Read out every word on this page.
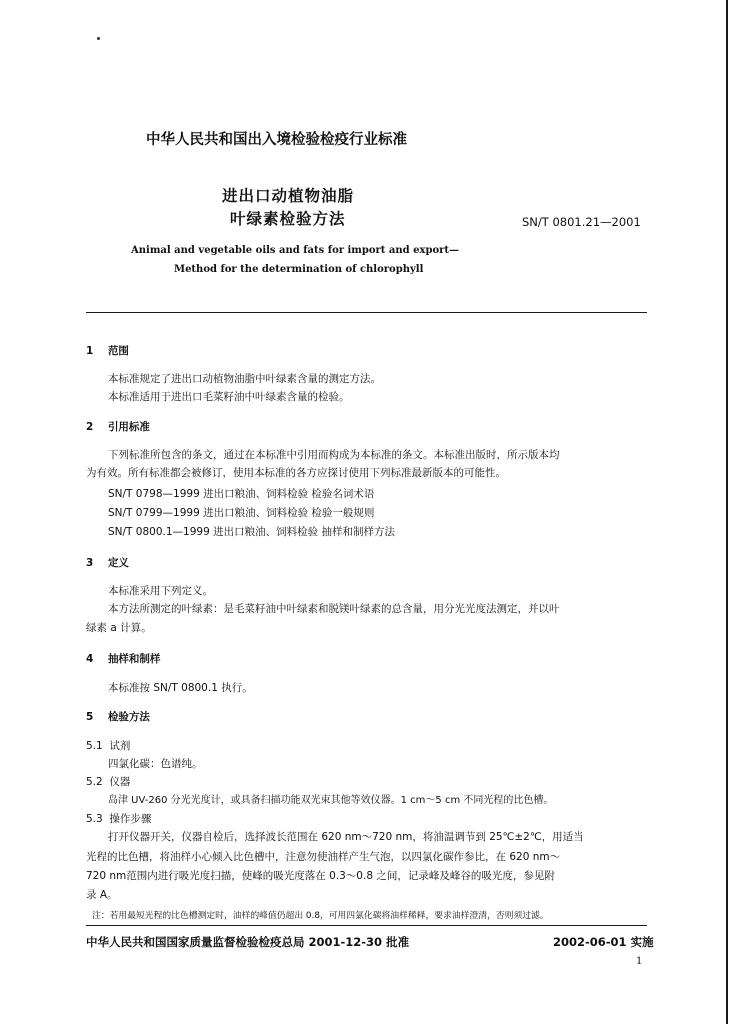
中华人民共和国出入境检验检疫行业标准
进出口动植物油脂
叶绿素检验方法	SN/T 0801.21—2001
Animal and vegetable oils and fats for import and export—
Method for the determination of chlorophyll
1 范围
本标准规定了进出口动植物油脂中叶绿素含量的测定方法。
本标准适用于进出口毛菜籽油中叶绿素含量的检验。
2 引用标准
下列标准所包含的条文，通过在本标准中引用而构成为本标准的条文。本标准出版时，所示版本均
为有效。所有标准都会被修订，使用本标准的各方应探讨使用下列标准最新版本的可能性。
SN/T 0798—1999 进出口粮油、饲料检验 检验名词术语
SN/T 0799—1999 进出口粮油、饲料检验 检验一般规则
SN/T 0800.1—1999 进出口粮油、饲料检验 抽样和制样方法
3 定义
本标准采用下列定义。
本方法所测定的叶绿素：是毛菜籽油中叶绿素和脱镁叶绿素的总含量，用分光光度法测定，并以叶
绿素 a 计算。
4 抽样和制样
本标准按 SN/T 0800.1 执行。
5 检验方法
5.1 试剂
四氯化碳：色谱纯。
5.2 仪器
岛津 UV-260 分光光度计，或具备扫描功能双光束其他等效仪器。1 cm～5 cm 不同光程的比色槽。
5.3 操作步骤
打开仪器开关，仪器自检后，选择波长范围在 620 nm～720 nm，将油温调节到 25℃±2℃，用适当
光程的比色槽，将油样小心倾入比色槽中，注意勿使油样产生气泡，以四氯化碳作参比，在 620 nm～
720 nm范围内进行吸光度扫描，使峰的吸光度落在 0.3～0.8 之间，记录峰及峰谷的吸光度，参见附
录 A。
注：若用最短光程的比色槽测定时，油样的峰值仍超出 0.8，可用四氯化碳将油样稀释，要求油样澄清，否则须过滤。
中华人民共和国国家质量监督检验检疫总局 2001-12-30 批准	2002-06-01 实施
1
